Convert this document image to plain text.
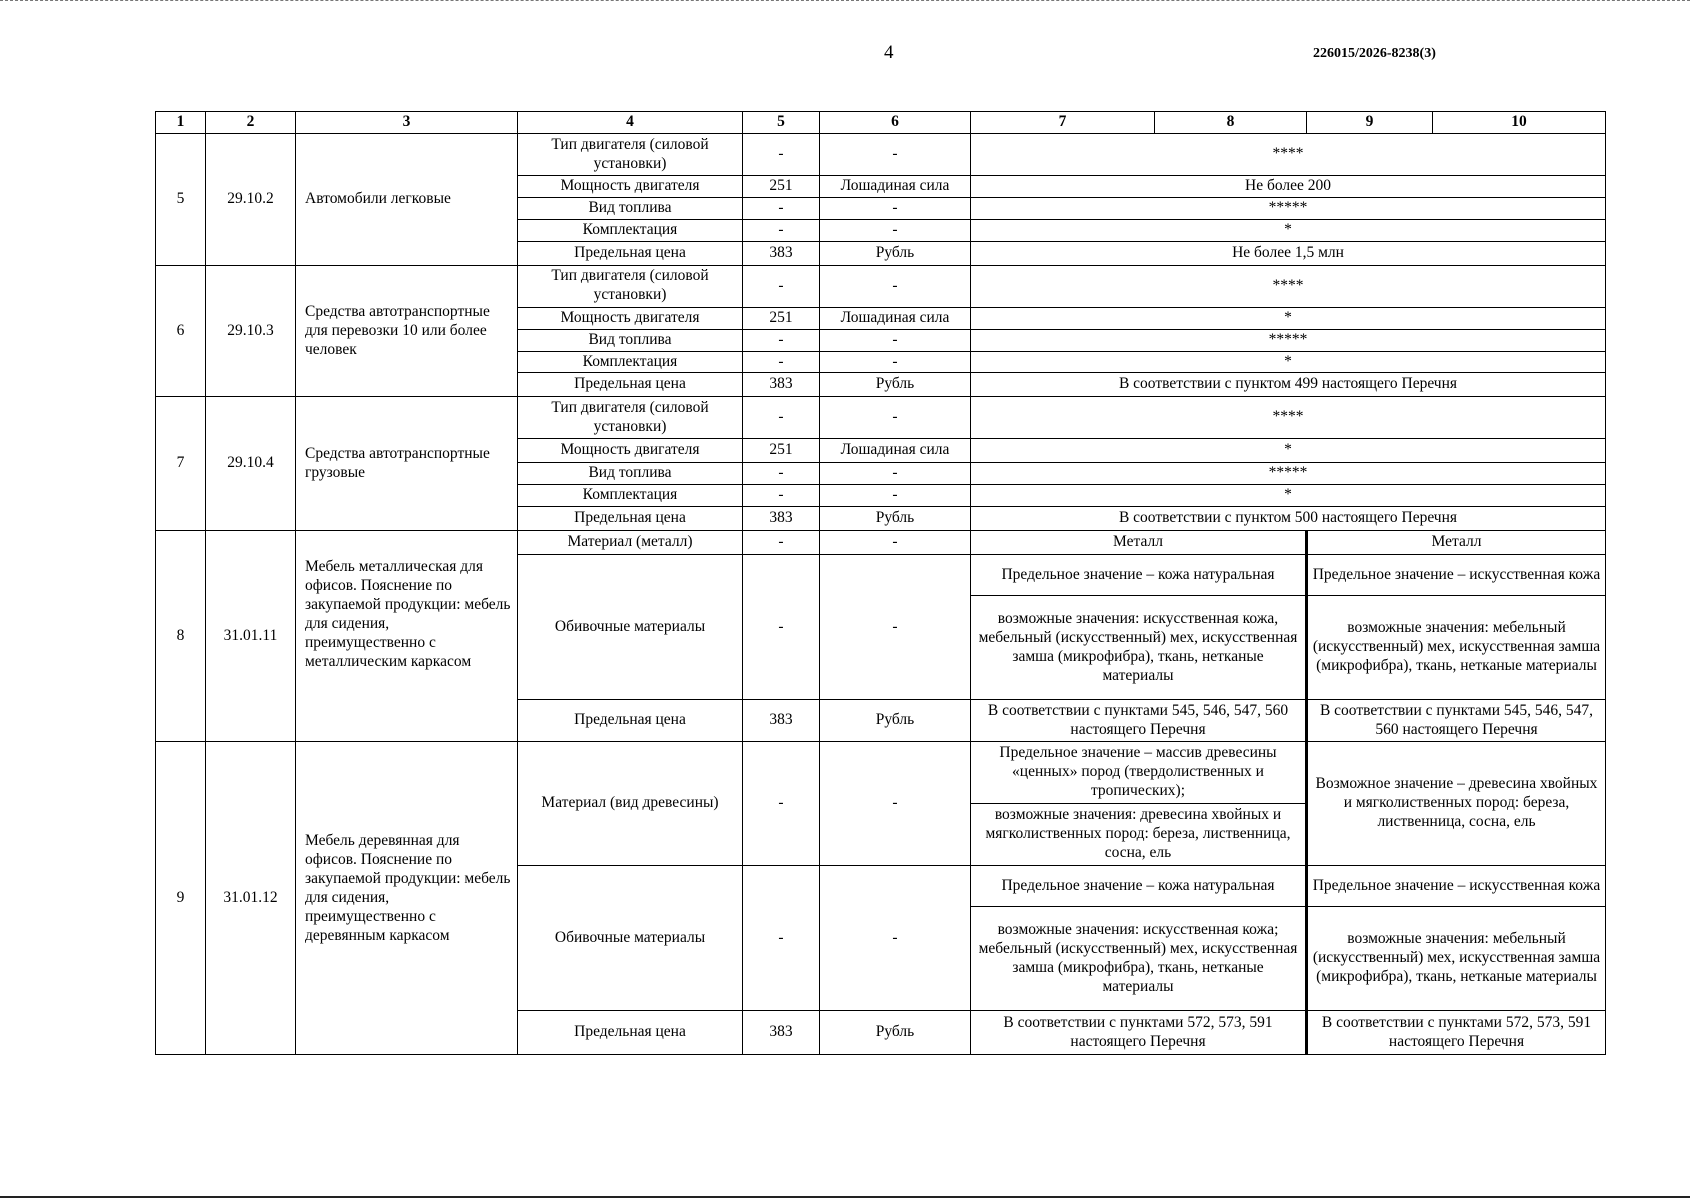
4	226015/2026-8238(3)
1	2	3	4	5	6	7	8	9	10
5	29.10.2	Автомобили легковые	Тип двигателя (силовой установки)	-	-	****			
			Мощность двигателя	251	Лошадиная сила	Не более 200			
			Вид топлива	-	-	*****			
			Комплектация	-	-	*			
			Предельная цена	383	Рубль	Не более 1,5 млн			
6	29.10.3	Средства автотранспортные для перевозки 10 или более человек	Тип двигателя (силовой установки)	-	-	****			
			Мощность двигателя	251	Лошадиная сила	*			
			Вид топлива	-	-	*****			
			Комплектация	-	-	*			
			Предельная цена	383	Рубль	В соответствии с пунктом 499 настоящего Перечня			
7	29.10.4	Средства автотранспортные грузовые	Тип двигателя (силовой установки)	-	-	****			
			Мощность двигателя	251	Лошадиная сила	*			
			Вид топлива	-	-	*****			
			Комплектация	-	-	*			
			Предельная цена	383	Рубль	В соответствии с пунктом 500 настоящего Перечня			
8	31.01.11	Мебель металлическая для офисов. Пояснение по закупаемой продукции: мебель для сидения, преимущественно с металлическим каркасом	Материал (металл)	-	-	Металл		Металл	
			Обивочные материалы	-	-	Предельное значение – кожа натуральная		Предельное значение – искусственная кожа	
						возможные значения: искусственная кожа, мебельный (искусственный) мех, искусственная замша (микрофибра), ткань, нетканые материалы		возможные значения: мебельный (искусственный) мех, искусственная замша (микрофибра), ткань, нетканые материалы	
			Предельная цена	383	Рубль	В соответствии с пунктами 545, 546, 547, 560 настоящего Перечня		В соответствии с пунктами 545, 546, 547, 560 настоящего Перечня	
9	31.01.12	Мебель деревянная для офисов. Пояснение по закупаемой продукции: мебель для сидения, преимущественно с деревянным каркасом	Материал (вид древесины)	-	-	Предельное значение – массив древесины «ценных» пород (твердолиственных и тропических);		Возможное значение – древесина хвойных и мягколиственных пород: береза, лиственница, сосна, ель	
						возможные значения: древесина хвойных и мягколиственных пород: береза, лиственница, сосна, ель			
			Обивочные материалы	-	-	Предельное значение – кожа натуральная		Предельное значение – искусственная кожа	
						возможные значения: искусственная кожа; мебельный (искусственный) мех, искусственная замша (микрофибра), ткань, нетканые материалы		возможные значения: мебельный (искусственный) мех, искусственная замша (микрофибра), ткань, нетканые материалы	
			Предельная цена	383	Рубль	В соответствии с пунктами 572, 573, 591 настоящего Перечня		В соответствии с пунктами 572, 573, 591 настоящего Перечня	
